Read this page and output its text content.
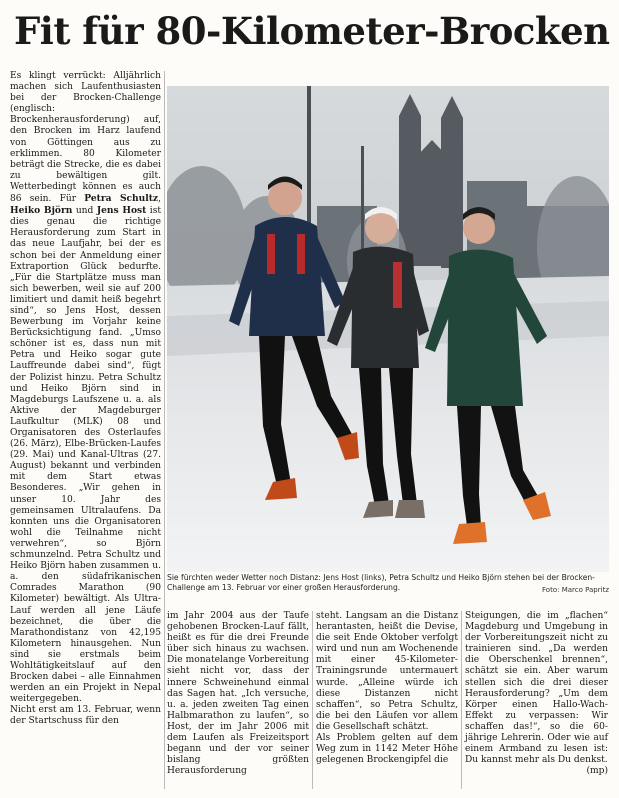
Fit für 80-Kilometer-Brocken

Es klingt verrückt: Alljährlich machen sich Laufenthusiasten bei der Brocken-Challenge (englisch: Brockenherausforderung) auf, den Brocken im Harz laufend von Göttingen aus zu erklimmen. 80 Kilometer beträgt die Strecke, die es dabei zu bewältigen gilt. Wetterbedingt können es auch 86 sein. Für Petra Schultz, Heiko Björn und Jens Host ist dies genau die richtige Herausforderung zum Start in das neue Laufjahr, bei der es schon bei der Anmeldung einer Extraportion Glück bedurfte. „Für die Startplätze muss man sich bewerben, weil sie auf 200 limitiert und damit heiß begehrt sind“, so Jens Host, dessen Bewerbung im Vorjahr keine Berücksichtigung fand. „Umso schöner ist es, dass nun mit Petra und Heiko sogar gute Lauffreunde dabei sind“, fügt der Polizist hinzu. Petra Schultz und Heiko Björn sind in Magdeburgs Laufszene u. a. als Aktive der Magdeburger Laufkultur (MLK) 08 und Organisatoren des Osterlaufes (26. März), Elbe-Brücken-Laufes (29. Mai) und Kanal-Ultras (27. August) bekannt und verbinden mit dem Start etwas Besonderes. „Wir gehen in unser 10. Jahr des gemeinsamen Ultralaufens. Da konnten uns die Organisatoren wohl die Teilnahme nicht verwehren“, so Björn schmunzelnd. Petra Schultz und Heiko Björn haben zusammen u. a. den südafrikanischen Comrades Marathon (90 Kilometer) bewältigt. Als Ultra-Lauf werden all jene Läufe bezeichnet, die über die Marathondistanz von 42,195 Kilometern hinausgehen. Nun sind sie erstmals beim Wohltätigkeitslauf auf den Brocken dabei – alle Einnahmen werden an ein Projekt in Nepal weitergegeben.

Nicht erst am 13. Februar, wenn der Startschuss für den

Sie fürchten weder Wetter noch Distanz: Jens Host (links), Petra Schultz und Heiko Björn stehen bei der Brocken-Challenge am 13. Februar vor einer großen Herausforderung.	Foto: Marco Papritz

im Jahr 2004 aus der Taufe gehobenen Brocken-Lauf fällt, heißt es für die drei Freunde über sich hinaus zu wachsen. Die monatelange Vorbereitung sieht nicht vor, dass der innere Schweinehund einmal das Sagen hat. „Ich versuche, u. a. jeden zweiten Tag einen Halbmarathon zu laufen“, so Host, der im Jahr 2006 mit dem Laufen als Freizeitsport begann und der vor seiner bislang größten Herausforderung

steht. Langsam an die Distanz herantasten, heißt die Devise, die seit Ende Oktober verfolgt wird und nun am Wochenende mit einer 45-Kilometer-Trainingsrunde untermauert wurde. „Alleine würde ich diese Distanzen nicht schaffen“, so Petra Schultz, die bei den Läufen vor allem die Gesellschaft schätzt.

Als Problem gelten auf dem Weg zum in 1142 Meter Höhe gelegenen Brockengipfel die

Steigungen, die im „flachen“ Magdeburg und Umgebung in der Vorbereitungszeit nicht zu trainieren sind. „Da werden die Oberschenkel brennen“, schätzt sie ein. Aber warum stellen sich die drei dieser Herausforderung? „Um dem Körper einen Hallo-Wach-Effekt zu verpassen: Wir schaffen das!“, so die 60-jährige Lehrerin. Oder wie auf einem Armband zu lesen ist: Du kannst mehr als Du denkst.
(mp)
